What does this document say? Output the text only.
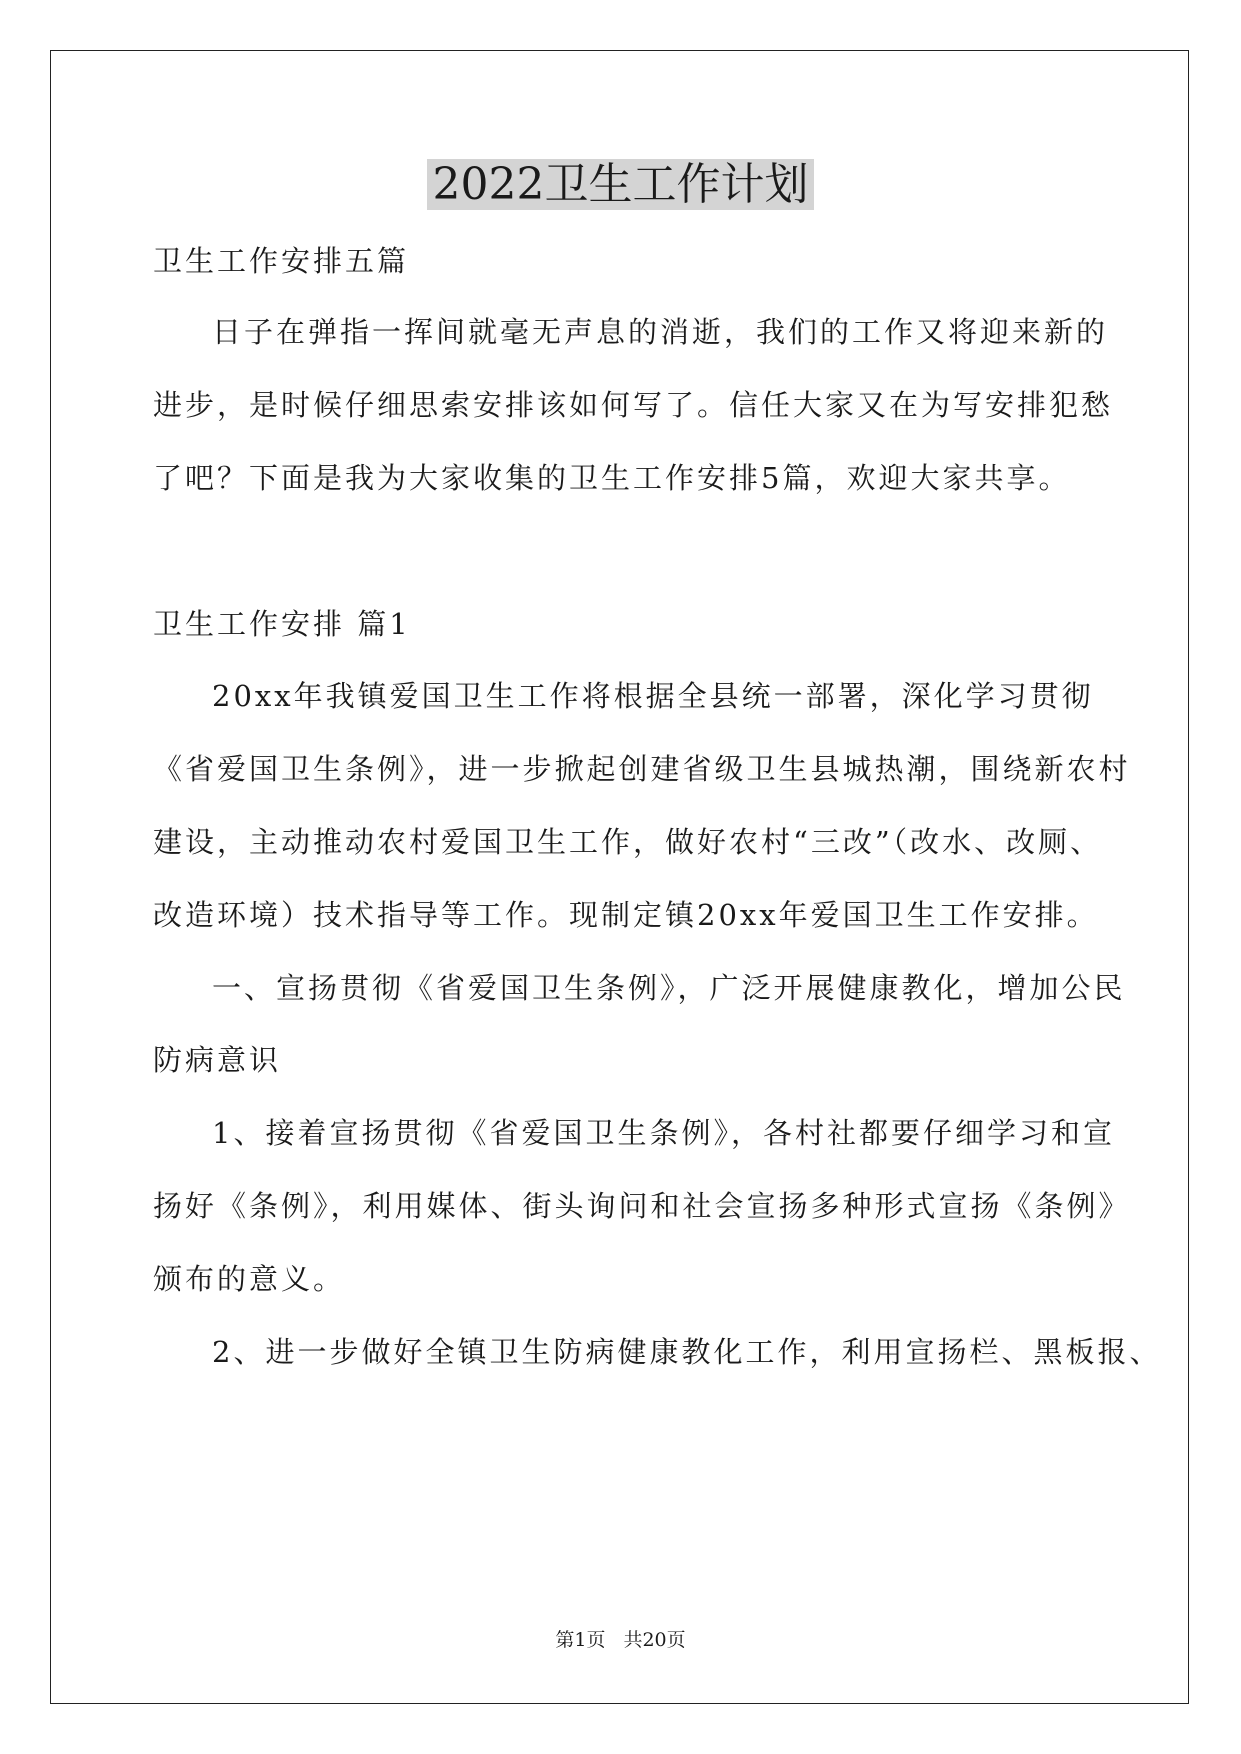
2022卫生工作计划
卫生工作安排五篇
日子在弹指一挥间就毫无声息的消逝，我们的工作又将迎来新的
进步，是时候仔细思索安排该如何写了。信任大家又在为写安排犯愁
了吧？下面是我为大家收集的卫生工作安排5篇，欢迎大家共享。
卫生工作安排 篇1
20xx年我镇爱国卫生工作将根据全县统一部署，深化学习贯彻
《省爱国卫生条例》，进一步掀起创建省级卫生县城热潮，围绕新农村
建设，主动推动农村爱国卫生工作，做好农村“三改”（改水、改厕、
改造环境）技术指导等工作。现制定镇20xx年爱国卫生工作安排。
一、宣扬贯彻《省爱国卫生条例》，广泛开展健康教化，增加公民
防病意识
1、接着宣扬贯彻《省爱国卫生条例》，各村社都要仔细学习和宣
扬好《条例》，利用媒体、街头询问和社会宣扬多种形式宣扬《条例》
颁布的意义。
2、进一步做好全镇卫生防病健康教化工作，利用宣扬栏、黑板报、
第1页 共20页
